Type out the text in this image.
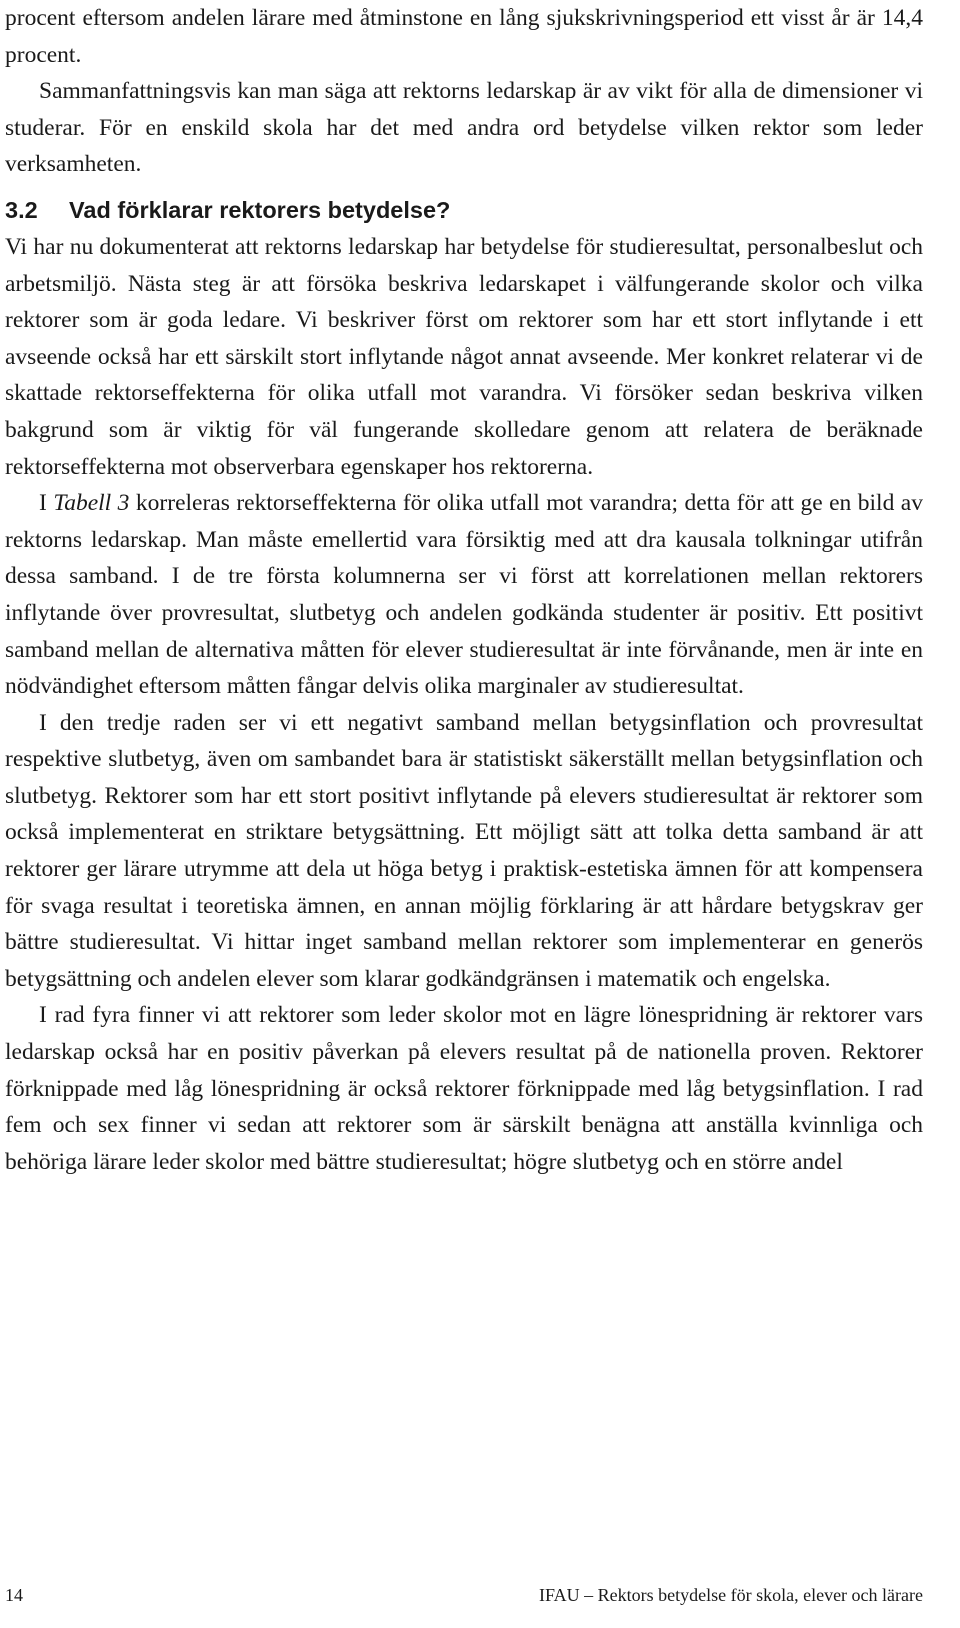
procent eftersom andelen lärare med åtminstone en lång sjukskrivningsperiod ett visst år är 14,4 procent.

Sammanfattningsvis kan man säga att rektorns ledarskap är av vikt för alla de dimensioner vi studerar. För en enskild skola har det med andra ord betydelse vilken rektor som leder verksamheten.

3.2 Vad förklarar rektorers betydelse?

Vi har nu dokumenterat att rektorns ledarskap har betydelse för studieresultat, personalbeslut och arbetsmiljö. Nästa steg är att försöka beskriva ledarskapet i välfungerande skolor och vilka rektorer som är goda ledare. Vi beskriver först om rektorer som har ett stort inflytande i ett avseende också har ett särskilt stort inflytande något annat avseende. Mer konkret relaterar vi de skattade rektorseffekterna för olika utfall mot varandra. Vi försöker sedan beskriva vilken bakgrund som är viktig för väl fungerande skolledare genom att relatera de beräknade rektorseffekterna mot observerbara egenskaper hos rektorerna.

I Tabell 3 korreleras rektorseffekterna för olika utfall mot varandra; detta för att ge en bild av rektorns ledarskap. Man måste emellertid vara försiktig med att dra kausala tolkningar utifrån dessa samband. I de tre första kolumnerna ser vi först att korrelationen mellan rektorers inflytande över provresultat, slutbetyg och andelen godkända studenter är positiv. Ett positivt samband mellan de alternativa måtten för elever studieresultat är inte förvånande, men är inte en nödvändighet eftersom måtten fångar delvis olika marginaler av studieresultat.

I den tredje raden ser vi ett negativt samband mellan betygsinflation och provresultat respektive slutbetyg, även om sambandet bara är statistiskt säkerställt mellan betygsinflation och slutbetyg. Rektorer som har ett stort positivt inflytande på elevers studieresultat är rektorer som också implementerat en striktare betygsättning. Ett möjligt sätt att tolka detta samband är att rektorer ger lärare utrymme att dela ut höga betyg i praktisk-estetiska ämnen för att kompensera för svaga resultat i teoretiska ämnen, en annan möjlig förklaring är att hårdare betygskrav ger bättre studieresultat. Vi hittar inget samband mellan rektorer som implementerar en generös betygsättning och andelen elever som klarar godkändgränsen i matematik och engelska.

I rad fyra finner vi att rektorer som leder skolor mot en lägre lönespridning är rektorer vars ledarskap också har en positiv påverkan på elevers resultat på de nationella proven. Rektorer förknippade med låg lönespridning är också rektorer förknippade med låg betygsinflation. I rad fem och sex finner vi sedan att rektorer som är särskilt benägna att anställa kvinnliga och behöriga lärare leder skolor med bättre studieresultat; högre slutbetyg och en större andel

14	IFAU – Rektors betydelse för skola, elever och lärare
